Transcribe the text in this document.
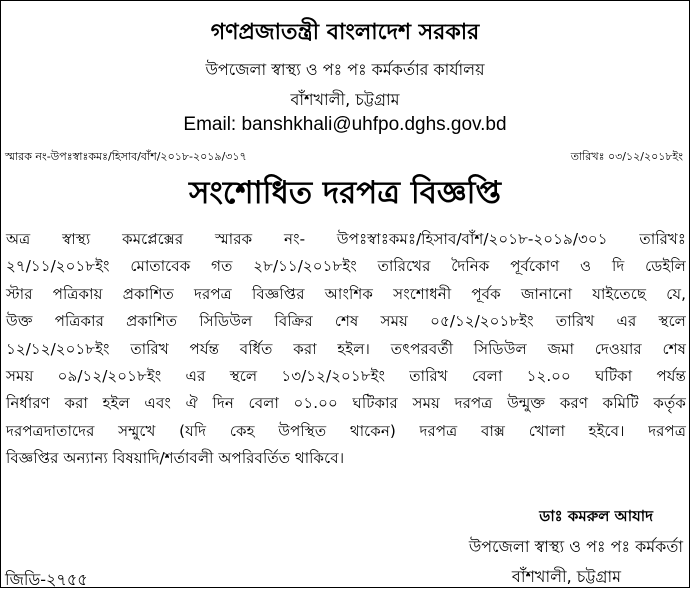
গণপ্রজাতন্ত্রী বাংলাদেশ সরকার
উপজেলা স্বাস্থ্য ও পঃ পঃ কর্মকর্তার কার্যালয়
বাঁশখালী, চট্টগ্রাম
Email: banshkhali@uhfpo.dghs.gov.bd
স্মারক নং-উপঃস্বাঃকমঃ/হিসাব/বাঁশ/২০১৮-২০১৯/৩১৭	তারিখঃ ০৩/১২/২০১৮ইং
সংশোধিত দরপত্র বিজ্ঞপ্তি
অত্র স্বাস্থ্য কমপ্লেক্সের স্মারক নং- উপঃস্বাঃকমঃ/হিসাব/বাঁশ/২০১৮-২০১৯/৩০১ তারিখঃ
২৭/১১/২০১৮ইং মোতাবেক গত ২৮/১১/২০১৮ইং তারিখের দৈনিক পূর্বকোণ ও দি ডেইলি
স্টার পত্রিকায় প্রকাশিত দরপত্র বিজ্ঞপ্তির আংশিক সংশোধনী পূর্বক জানানো যাইতেছে যে,
উক্ত পত্রিকার প্রকাশিত সিডিউল বিক্রির শেষ সময় ০৫/১২/২০১৮ইং তারিখ এর স্থলে
১২/১২/২০১৮ইং তারিখ পর্যন্ত বর্ধিত করা হইল। তৎপরবর্তী সিডিউল জমা দেওয়ার শেষ
সময় ০৯/১২/২০১৮ইং এর স্থলে ১৩/১২/২০১৮ইং তারিখ বেলা ১২.০০ ঘটিকা পর্যন্ত
নির্ধারণ করা হইল এবং ঐ দিন বেলা ০১.০০ ঘটিকার সময় দরপত্র উন্মুক্ত করণ কমিটি কর্তৃক
দরপত্রদাতাদের সম্মুখে (যদি কেহ উপস্থিত থাকেন) দরপত্র বাক্স খোলা হইবে। দরপত্র
বিজ্ঞপ্তির অন্যান্য বিষয়াদি/শর্তাবলী অপরিবর্তিত থাকিবে।
ডাঃ কমরুল আযাদ
উপজেলা স্বাস্থ্য ও পঃ পঃ কর্মকর্তা
বাঁশখালী, চট্টগ্রাম
জিডি-২৭৫৫
